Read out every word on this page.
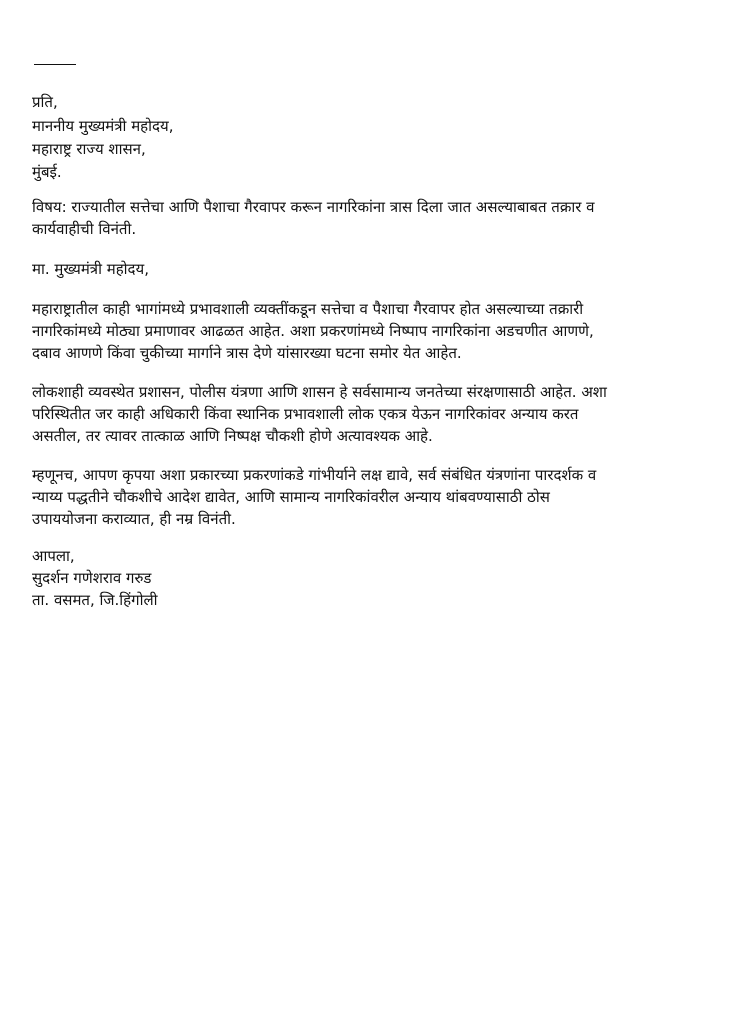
प्रति,
माननीय मुख्यमंत्री महोदय,
महाराष्ट्र राज्य शासन,
मुंबई.
विषय: राज्यातील सत्तेचा आणि पैशाचा गैरवापर करून नागरिकांना त्रास दिला जात असल्याबाबत तक्रार व
कार्यवाहीची विनंती.
मा. मुख्यमंत्री महोदय,
महाराष्ट्रातील काही भागांमध्ये प्रभावशाली व्यक्तींकडून सत्तेचा व पैशाचा गैरवापर होत असल्याच्या तक्रारी
नागरिकांमध्ये मोठ्या प्रमाणावर आढळत आहेत. अशा प्रकरणांमध्ये निष्पाप नागरिकांना अडचणीत आणणे,
दबाव आणणे किंवा चुकीच्या मार्गाने त्रास देणे यांसारख्या घटना समोर येत आहेत.
लोकशाही व्यवस्थेत प्रशासन, पोलीस यंत्रणा आणि शासन हे सर्वसामान्य जनतेच्या संरक्षणासाठी आहेत. अशा
परिस्थितीत जर काही अधिकारी किंवा स्थानिक प्रभावशाली लोक एकत्र येऊन नागरिकांवर अन्याय करत
असतील, तर त्यावर तात्काळ आणि निष्पक्ष चौकशी होणे अत्यावश्यक आहे.
म्हणूनच, आपण कृपया अशा प्रकारच्या प्रकरणांकडे गांभीर्याने लक्ष द्यावे, सर्व संबंधित यंत्रणांना पारदर्शक व
न्याय्य पद्धतीने चौकशीचे आदेश द्यावेत, आणि सामान्य नागरिकांवरील अन्याय थांबवण्यासाठी ठोस
उपाययोजना कराव्यात, ही नम्र विनंती.
आपला,
सुदर्शन गणेशराव गरुड
ता. वसमत, जि.हिंगोली
